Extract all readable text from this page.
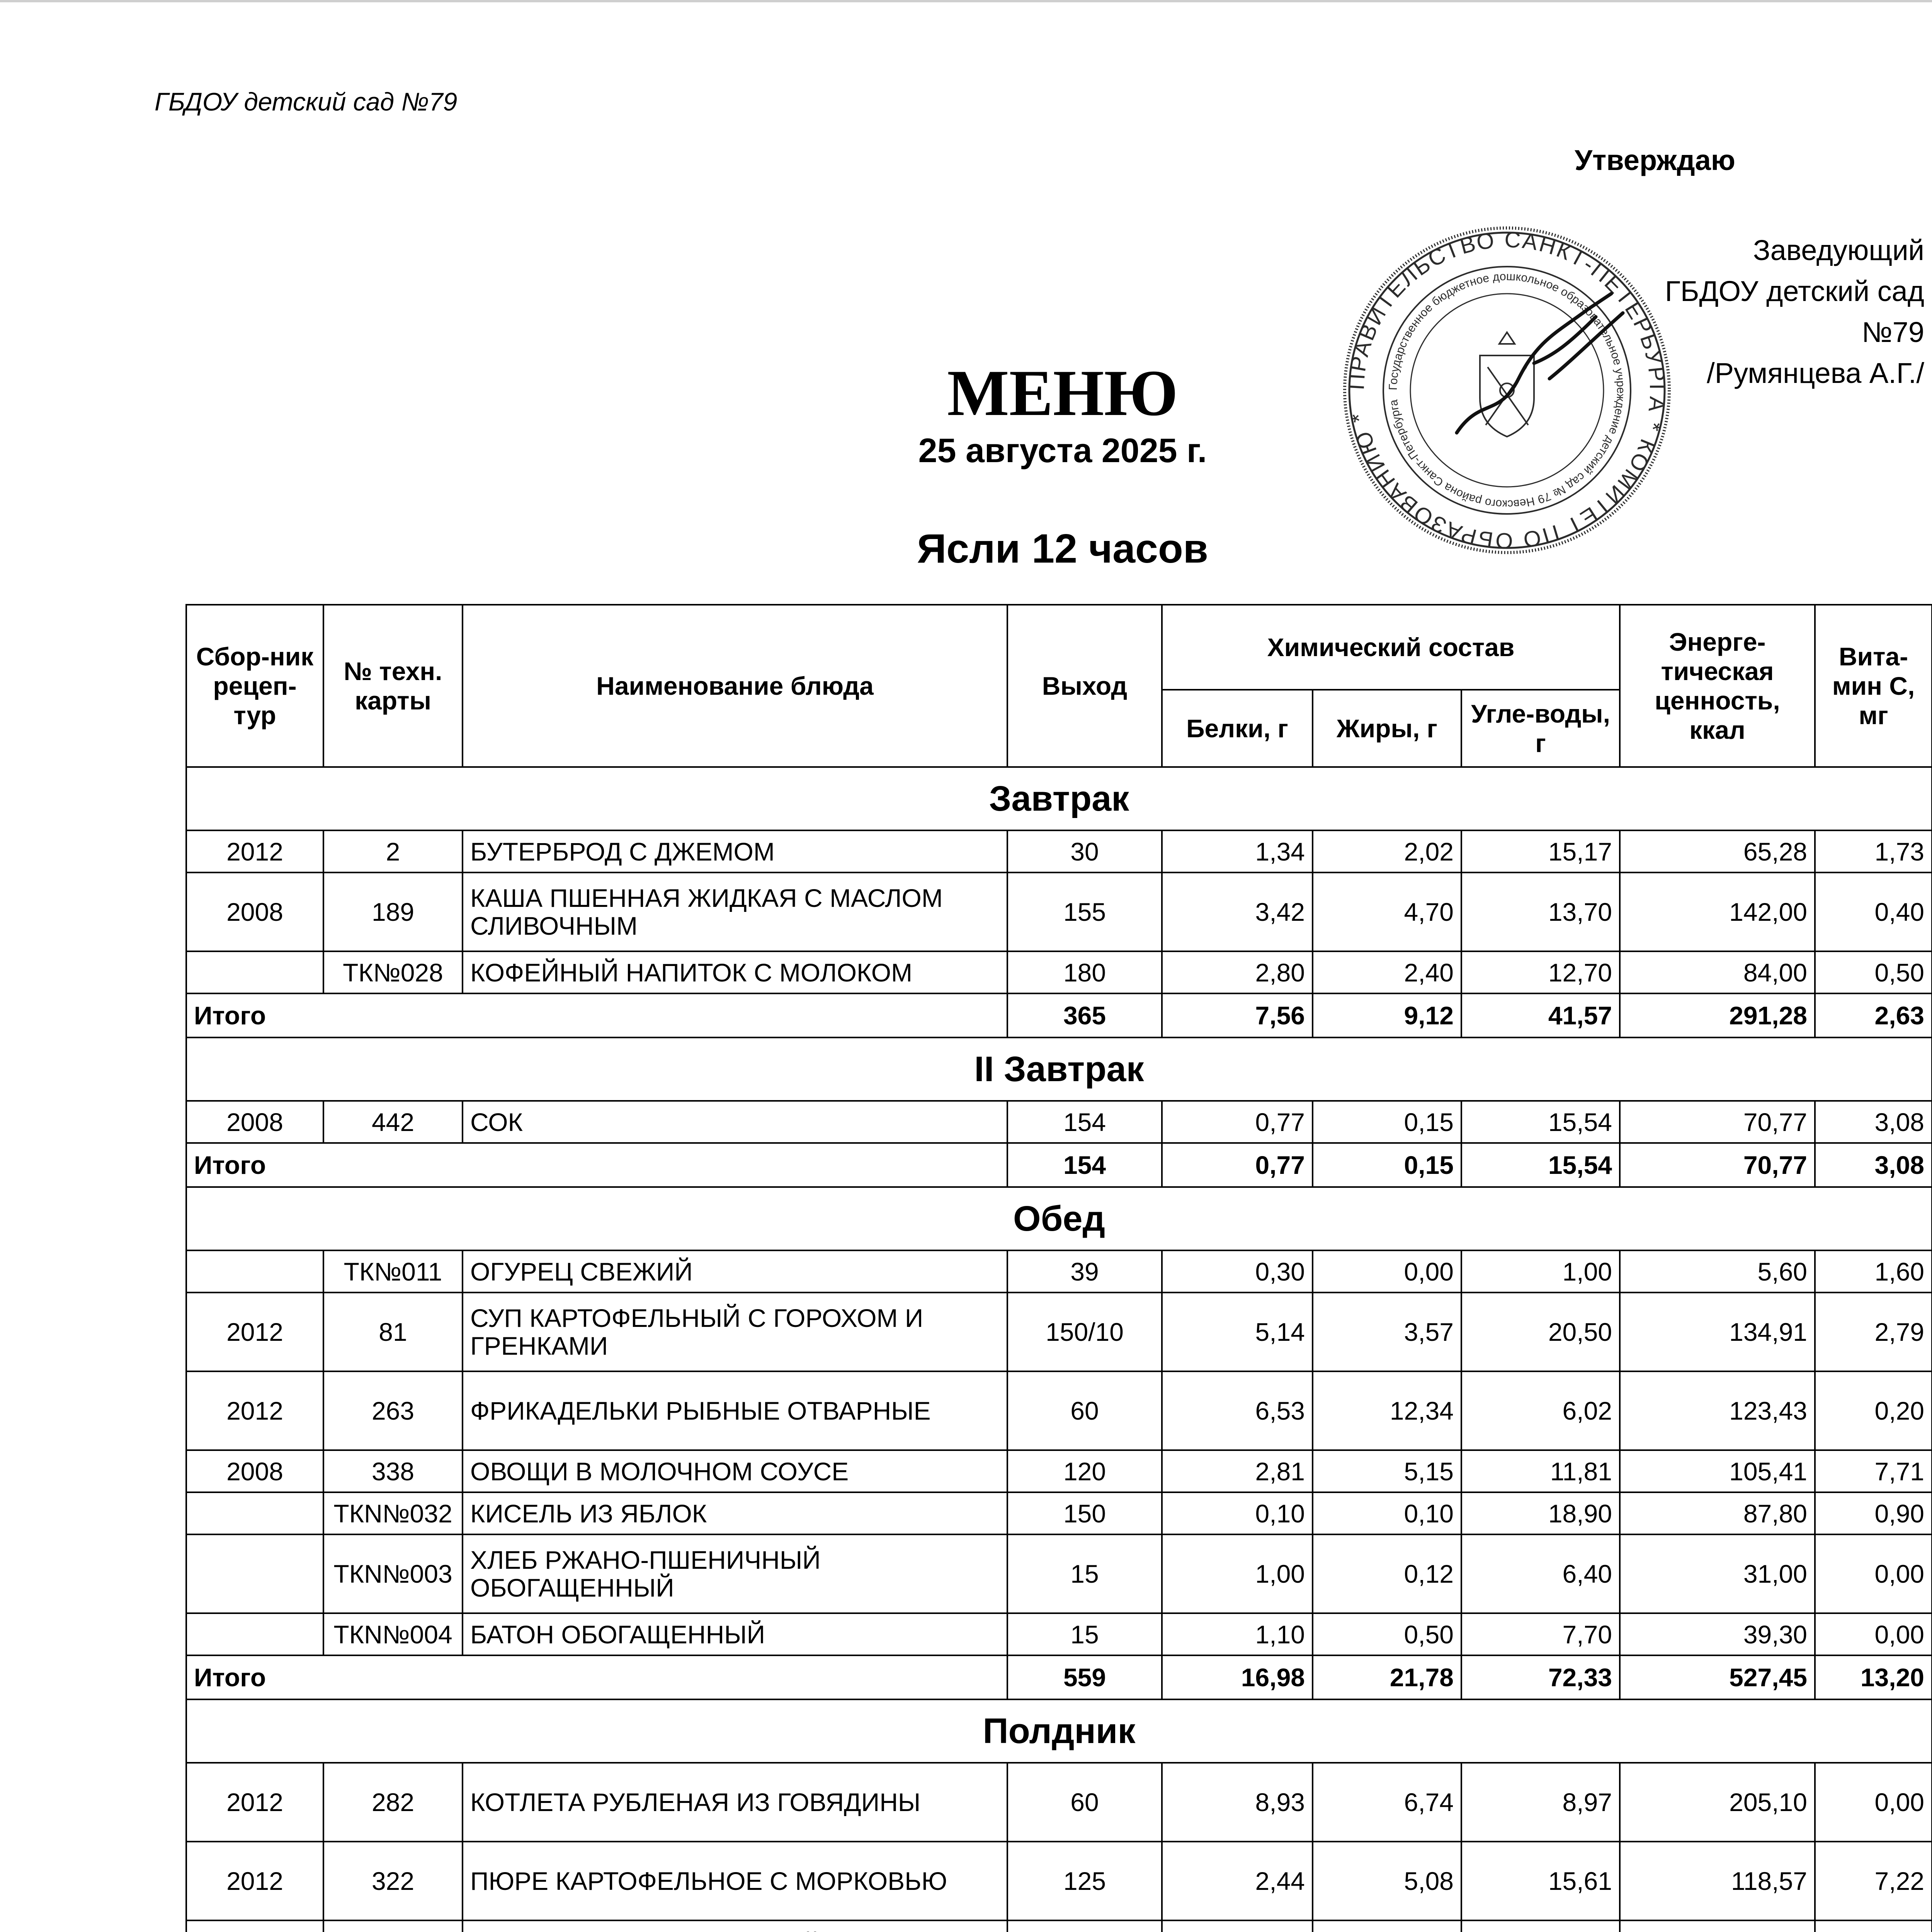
ГБДОУ детский сад №79
Утверждаю
Заведующий
ГБДОУ детский сад №79
/Румянцева А.Г./
ПРАВИТЕЛЬСТВО САНКТ-ПЕТЕРБУРГА * КОМИТЕТ ПО ОБРАЗОВАНИЮ *
Государственное бюджетное дошкольное образовательное учреждение детский сад № 79 Невского района Санкт-Петербурга
МЕНЮ
25 августа 2025 г.
Ясли 12 часов
Сбор-ник рецеп-тур	№ техн. карты	Наименование блюда	Выход	Химический состав			Энерге-тическая ценность, ккал	Вита-мин С, мг
				Белки, г	Жиры, г	Угле-воды, г		
Завтрак								
2012	2	БУТЕРБРОД С ДЖЕМОМ	30	1,34	2,02	15,17	65,28	1,73
2008	189	КАША ПШЕННАЯ ЖИДКАЯ С МАСЛОМ СЛИВОЧНЫМ	155	3,42	4,70	13,70	142,00	0,40
	ТК№028	КОФЕЙНЫЙ НАПИТОК С МОЛОКОМ	180	2,80	2,40	12,70	84,00	0,50
Итого			365	7,56	9,12	41,57	291,28	2,63
II Завтрак								
2008	442	СОК	154	0,77	0,15	15,54	70,77	3,08
Итого			154	0,77	0,15	15,54	70,77	3,08
Обед								
	ТК№011	ОГУРЕЦ СВЕЖИЙ	39	0,30	0,00	1,00	5,60	1,60
2012	81	СУП КАРТОФЕЛЬНЫЙ С ГОРОХОМ И ГРЕНКАМИ	150/10	5,14	3,57	20,50	134,91	2,79
2012	263	ФРИКАДЕЛЬКИ РЫБНЫЕ ОТВАРНЫЕ	60	6,53	12,34	6,02	123,43	0,20
2008	338	ОВОЩИ В МОЛОЧНОМ СОУСЕ	120	2,81	5,15	11,81	105,41	7,71
	ТКN№032	КИСЕЛЬ ИЗ ЯБЛОК	150	0,10	0,10	18,90	87,80	0,90
	ТКN№003	ХЛЕБ РЖАНО-ПШЕНИЧНЫЙ ОБОГАЩЕННЫЙ	15	1,00	0,12	6,40	31,00	0,00
	ТКN№004	БАТОН ОБОГАЩЕННЫЙ	15	1,10	0,50	7,70	39,30	0,00
Итого			559	16,98	21,78	72,33	527,45	13,20
Полдник								
2012	282	КОТЛЕТА РУБЛЕНАЯ ИЗ ГОВЯДИНЫ	60	8,93	6,74	8,97	205,10	0,00
2012	322	ПЮРЕ КАРТОФЕЛЬНОЕ С МОРКОВЬЮ	125	2,44	5,08	15,61	118,57	7,22
